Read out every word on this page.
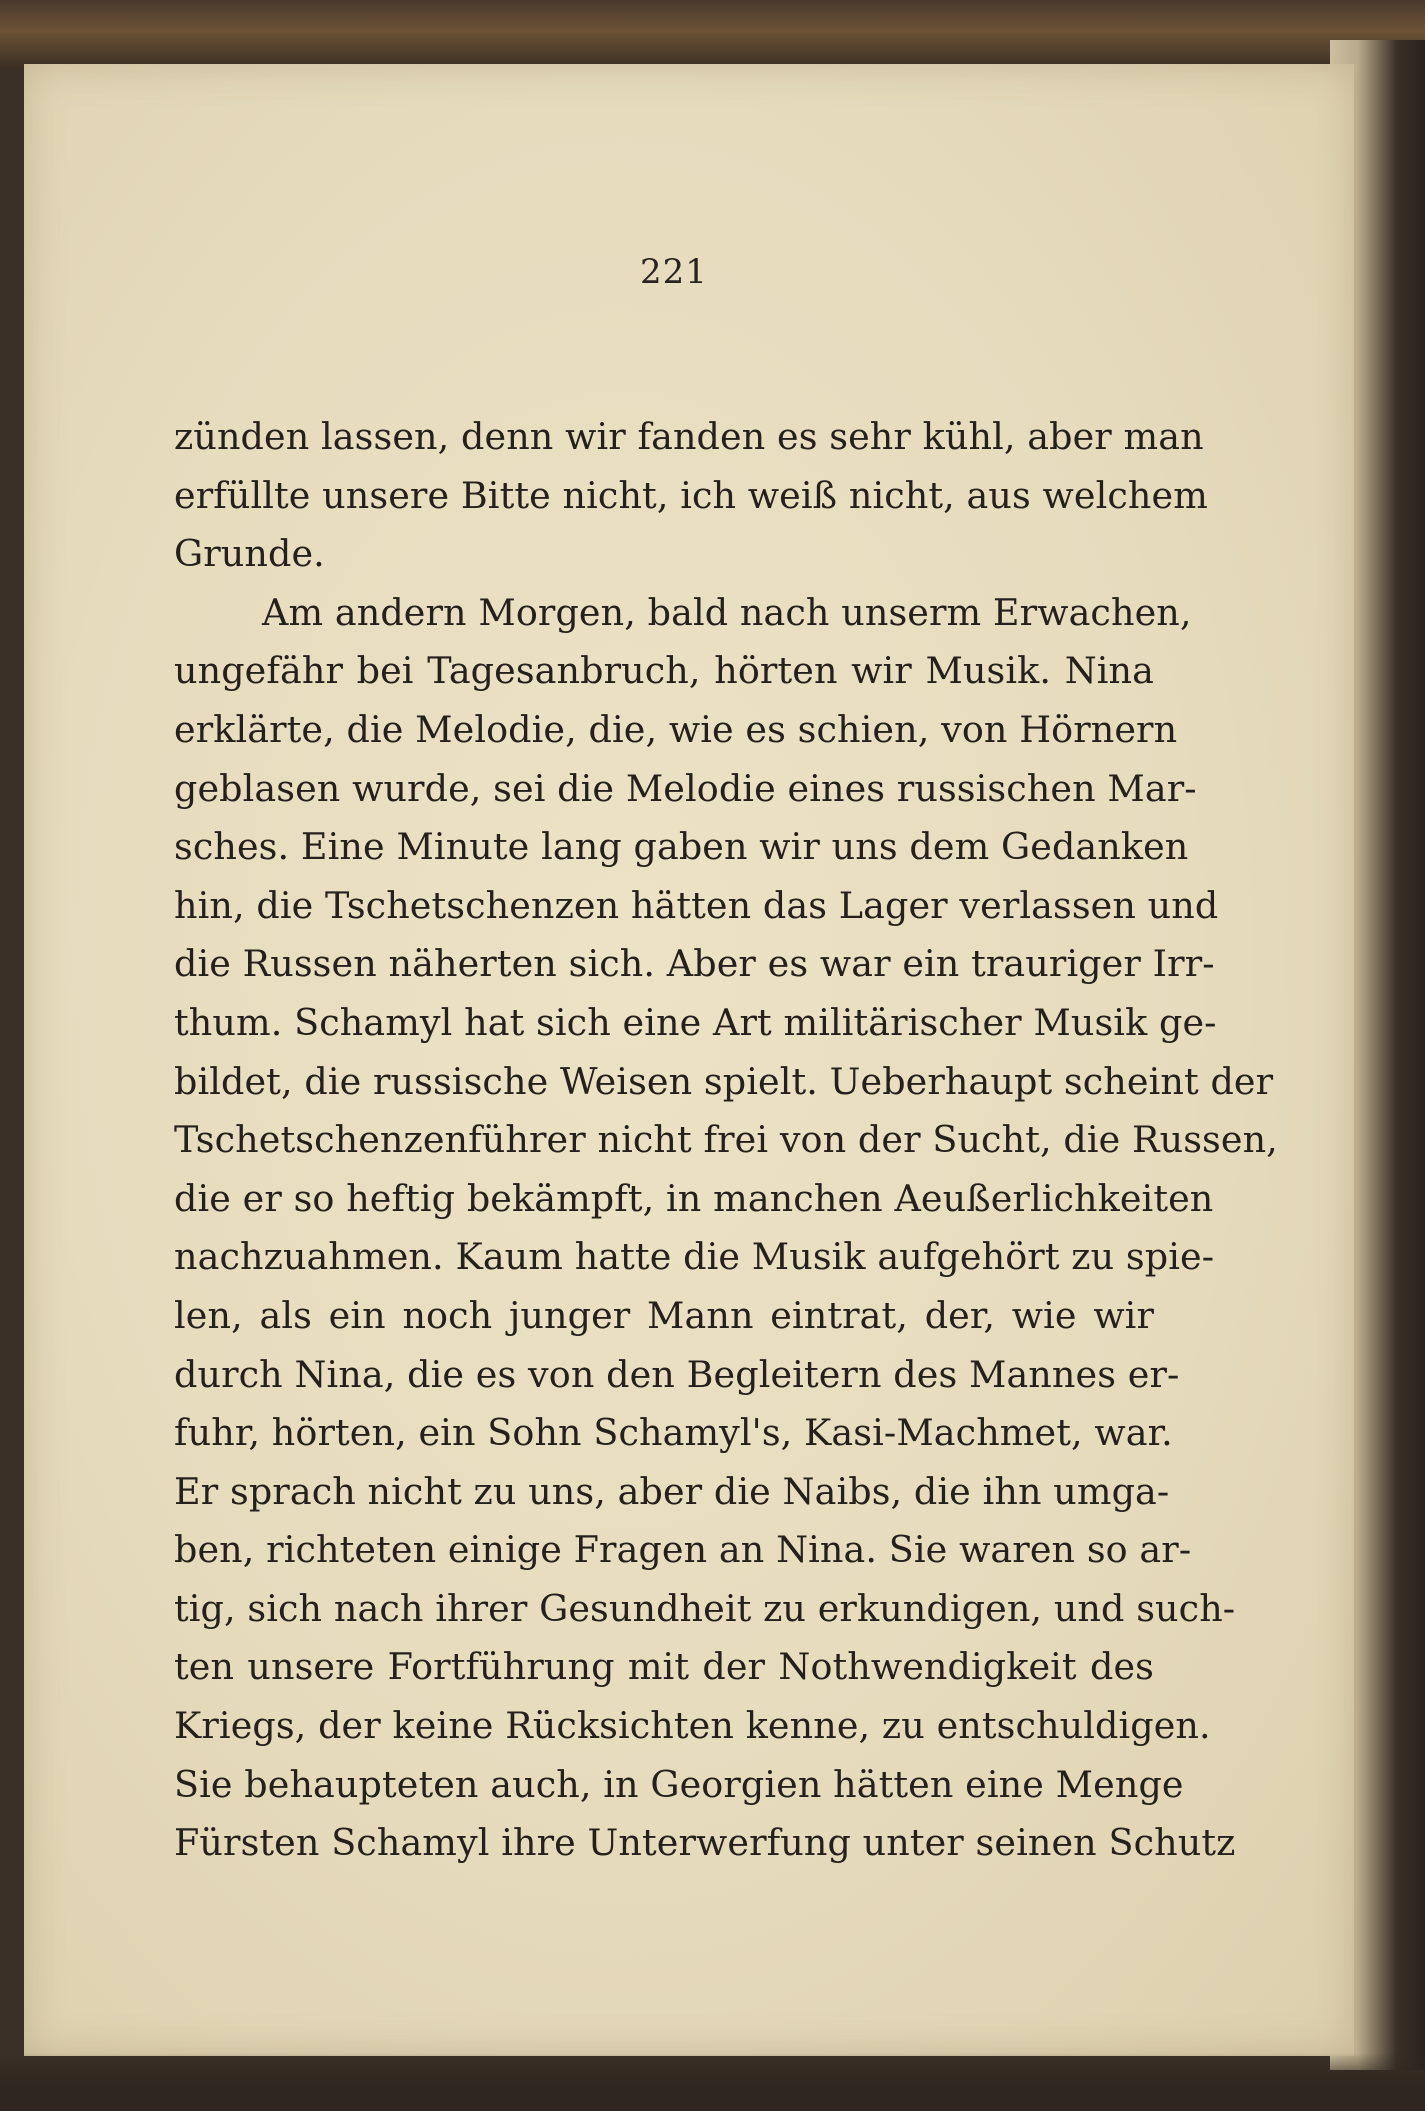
221
zünden lassen, denn wir fanden es sehr kühl, aber man
erfüllte unsere Bitte nicht, ich weiß nicht, aus welchem
Grunde.
Am andern Morgen, bald nach unserm Erwachen,
ungefähr bei Tagesanbruch, hörten wir Musik. Nina
erklärte, die Melodie, die, wie es schien, von Hörnern
geblasen wurde, sei die Melodie eines russischen Mar-
sches. Eine Minute lang gaben wir uns dem Gedanken
hin, die Tschetschenzen hätten das Lager verlassen und
die Russen näherten sich. Aber es war ein trauriger Irr-
thum. Schamyl hat sich eine Art militärischer Musik ge-
bildet, die russische Weisen spielt. Ueberhaupt scheint der
Tschetschenzenführer nicht frei von der Sucht, die Russen,
die er so heftig bekämpft, in manchen Aeußerlichkeiten
nachzuahmen. Kaum hatte die Musik aufgehört zu spie-
len, als ein noch junger Mann eintrat, der, wie wir
durch Nina, die es von den Begleitern des Mannes er-
fuhr, hörten, ein Sohn Schamyl's, Kasi-Machmet, war.
Er sprach nicht zu uns, aber die Naibs, die ihn umga-
ben, richteten einige Fragen an Nina. Sie waren so ar-
tig, sich nach ihrer Gesundheit zu erkundigen, und such-
ten unsere Fortführung mit der Nothwendigkeit des
Kriegs, der keine Rücksichten kenne, zu entschuldigen.
Sie behaupteten auch, in Georgien hätten eine Menge
Fürsten Schamyl ihre Unterwerfung unter seinen Schutz
